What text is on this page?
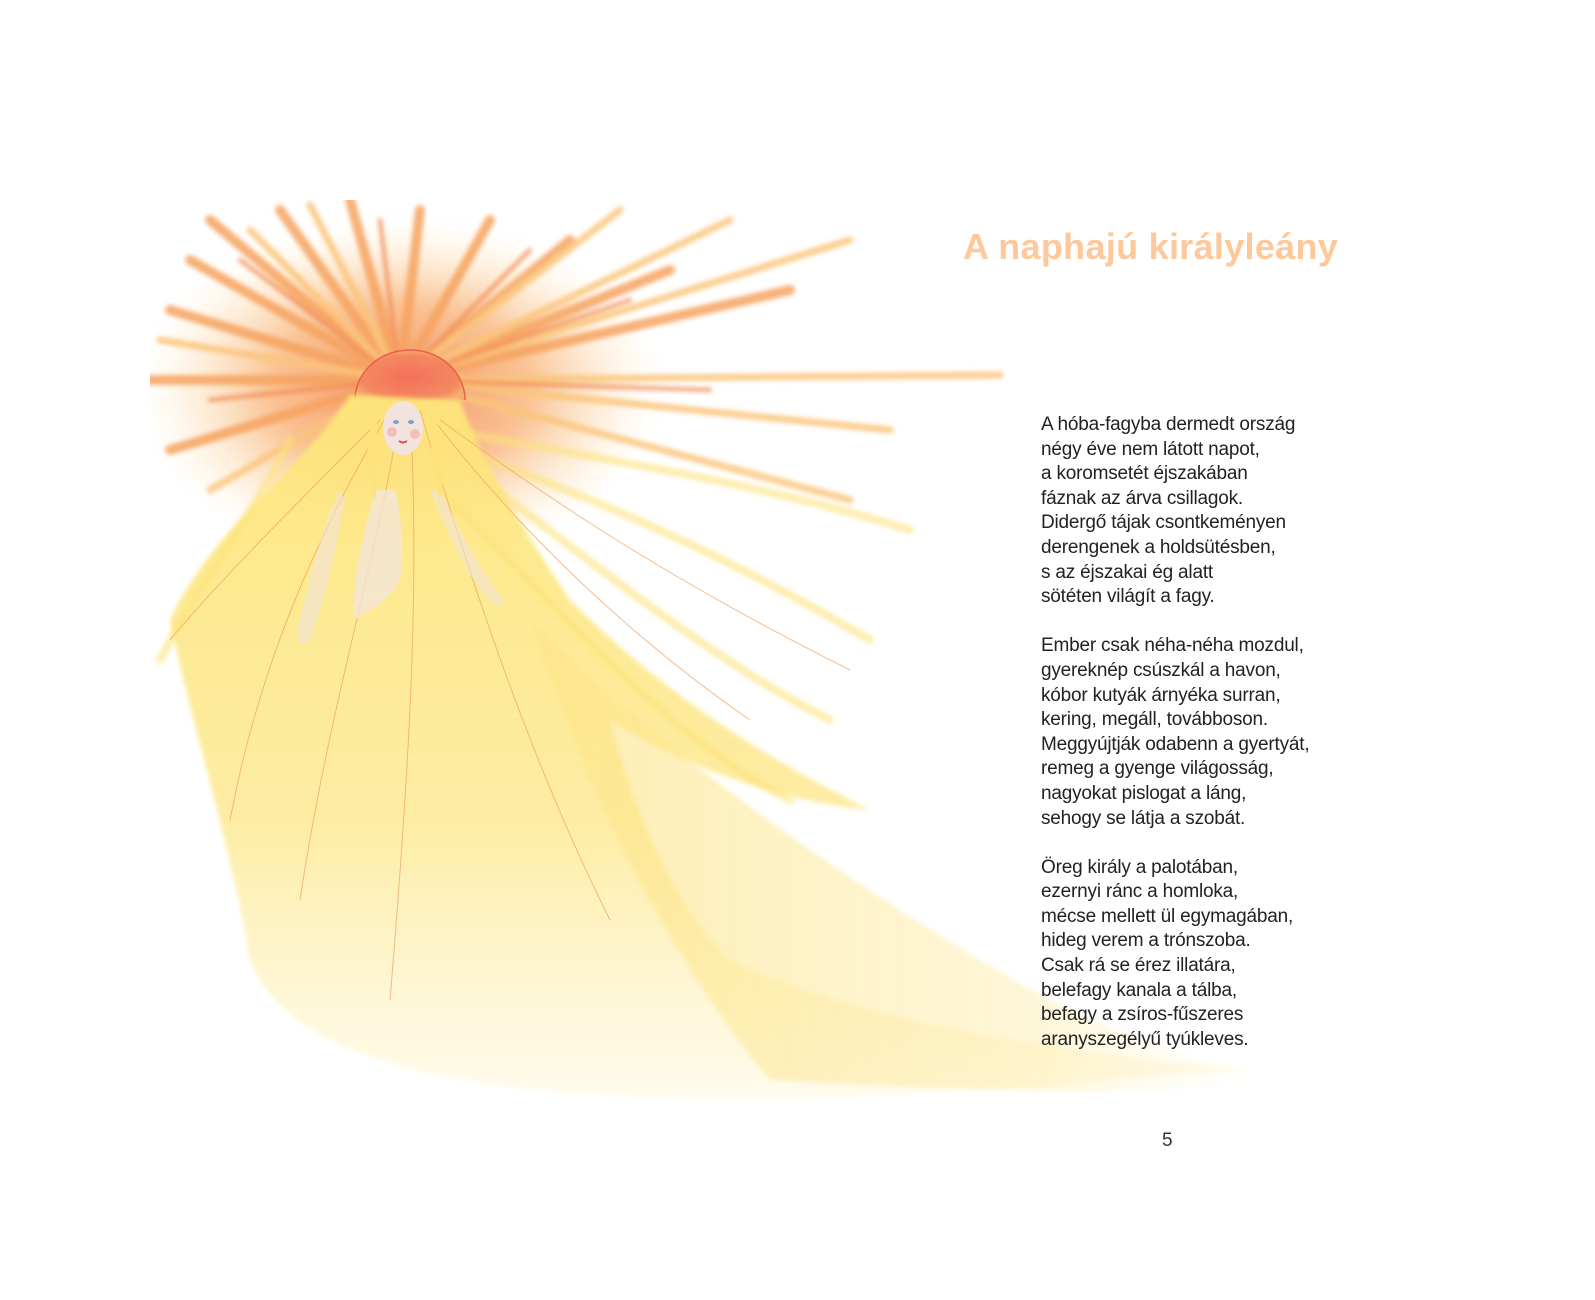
A naphajú királyleány
A hóba-fagyba dermedt ország
négy éve nem látott napot,
a koromsetét éjszakában
fáznak az árva csillagok.
Didergő tájak csontkeményen
derengenek a holdsütésben,
s az éjszakai ég alatt
sötéten világít a fagy.
Ember csak néha-néha mozdul,
gyereknép csúszkál a havon,
kóbor kutyák árnyéka surran,
kering, megáll, továbboson.
Meggyújtják odabenn a gyertyát,
remeg a gyenge világosság,
nagyokat pislogat a láng,
sehogy se látja a szobát.
Öreg király a palotában,
ezernyi ránc a homloka,
mécse mellett ül egymagában,
hideg verem a trónszoba.
Csak rá se érez illatára,
belefagy kanala a tálba,
befagy a zsíros-fűszeres
aranyszegélyű tyúkleves.
5
